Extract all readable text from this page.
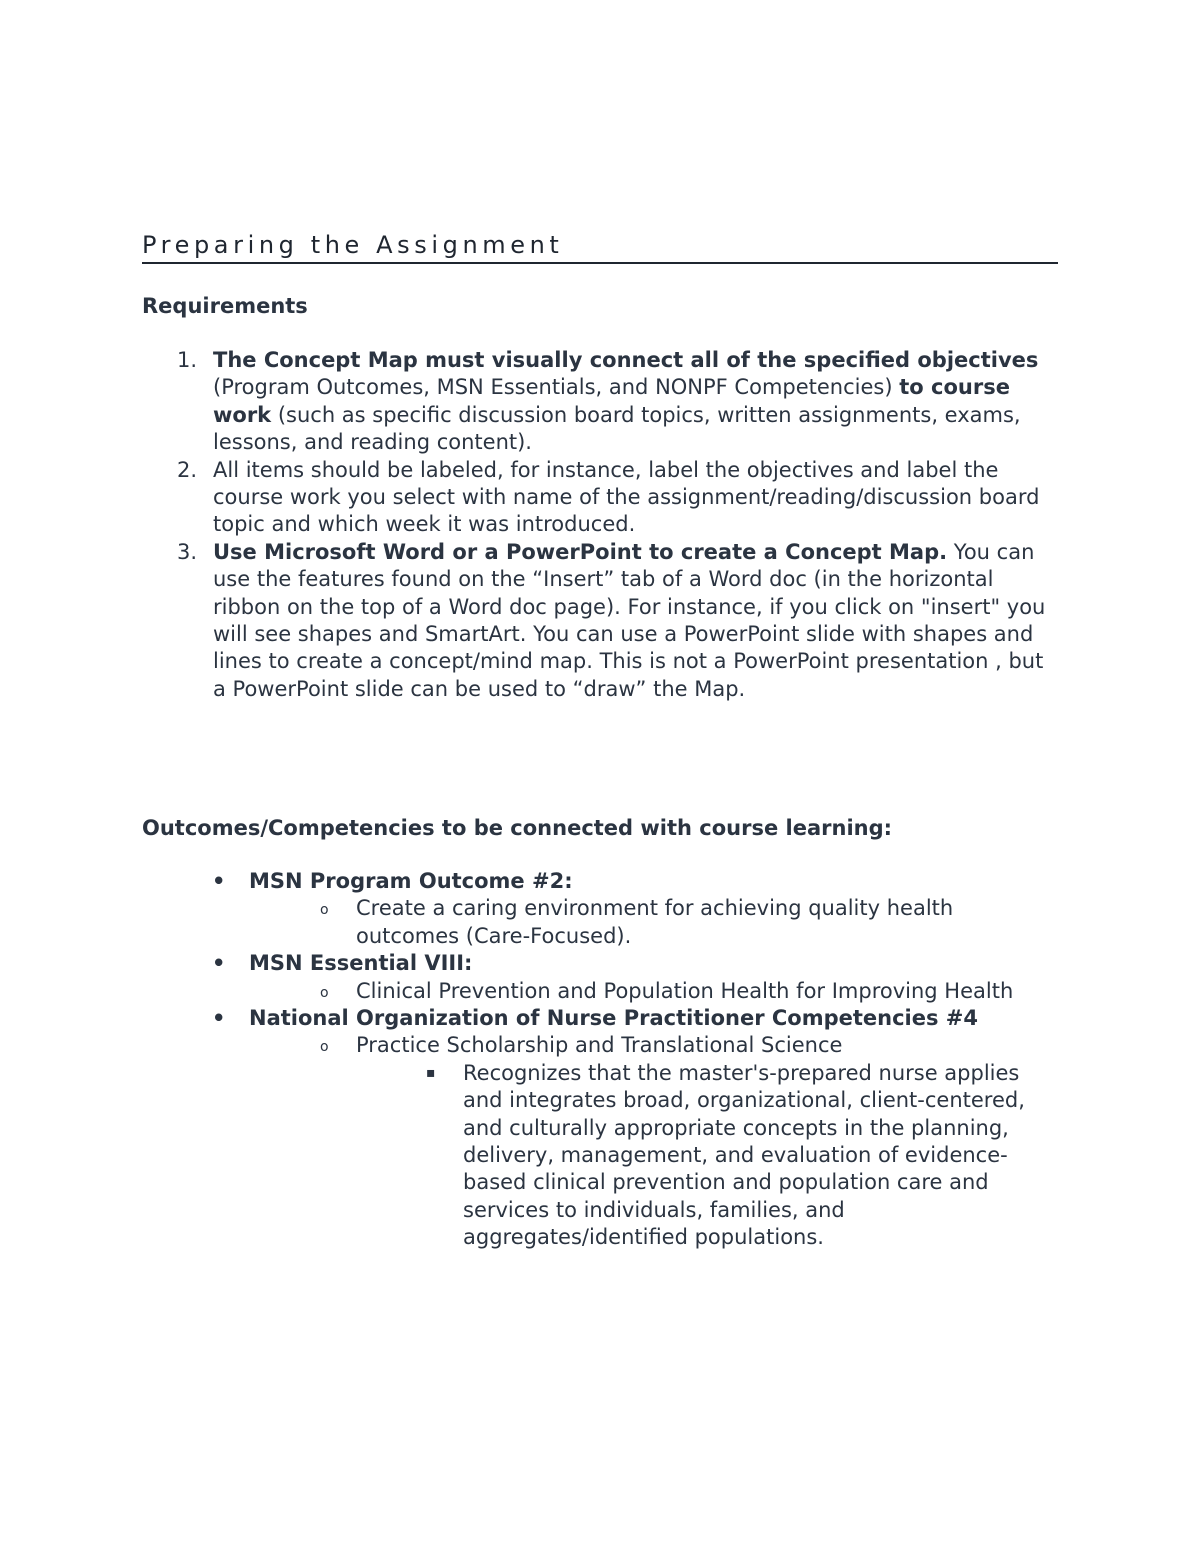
Preparing the Assignment
Requirements
1. The Concept Map must visually connect all of the specified objectives (Program Outcomes, MSN Essentials, and NONPF Competencies) to course work (such as specific discussion board topics, written assignments, exams, lessons, and reading content).
2. All items should be labeled, for instance, label the objectives and label the course work you select with name of the assignment/reading/discussion board topic and which week it was introduced.
3. Use Microsoft Word or a PowerPoint to create a Concept Map. You can use the features found on the “Insert” tab of a Word doc (in the horizontal ribbon on the top of a Word doc page). For instance, if you click on "insert" you will see shapes and SmartArt. You can use a PowerPoint slide with shapes and lines to create a concept/mind map. This is not a PowerPoint presentation , but a PowerPoint slide can be used to “draw” the Map.
Outcomes/Competencies to be connected with course learning:
• MSN Program Outcome #2:
o Create a caring environment for achieving quality health outcomes (Care-Focused).
• MSN Essential VIII:
o Clinical Prevention and Population Health for Improving Health
• National Organization of Nurse Practitioner Competencies #4
o Practice Scholarship and Translational Science
▪ Recognizes that the master's-prepared nurse applies and integrates broad, organizational, client-centered, and culturally appropriate concepts in the planning, delivery, management, and evaluation of evidence-based clinical prevention and population care and services to individuals, families, and aggregates/identified populations.
